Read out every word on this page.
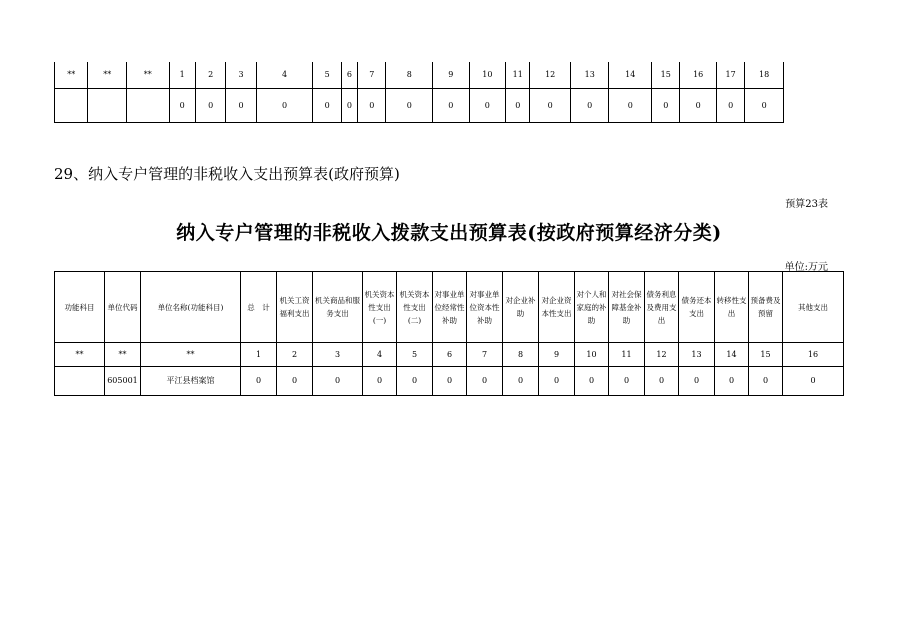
**	**	**	1	2	3	4	5	6	7	8	9	10	11	12	13	14	15	16	17	18
			0	0	0	0	0	0	0	0	0	0	0	0	0	0	0	0	0	0
29、纳入专户管理的非税收入支出预算表(政府预算)
预算23表
纳入专户管理的非税收入拨款支出预算表(按政府预算经济分类)
单位:万元
功能科目	单位代码	单位名称(功能科目)	总　计	机关工资福利支出	机关商品和服务支出	机关资本性支出(一)	机关资本性支出(二)	对事业单位经常性补助	对事业单位资本性补助	对企业补助	对企业资本性支出	对个人和家庭的补助	对社会保障基金补助	债务利息及费用支出	债务还本支出	转移性支出	预备费及预留	其他支出
**	**	**	1	2	3	4	5	6	7	8	9	10	11	12	13	14	15	16
	605001	平江县档案馆	0	0	0	0	0	0	0	0	0	0	0	0	0	0	0	0
